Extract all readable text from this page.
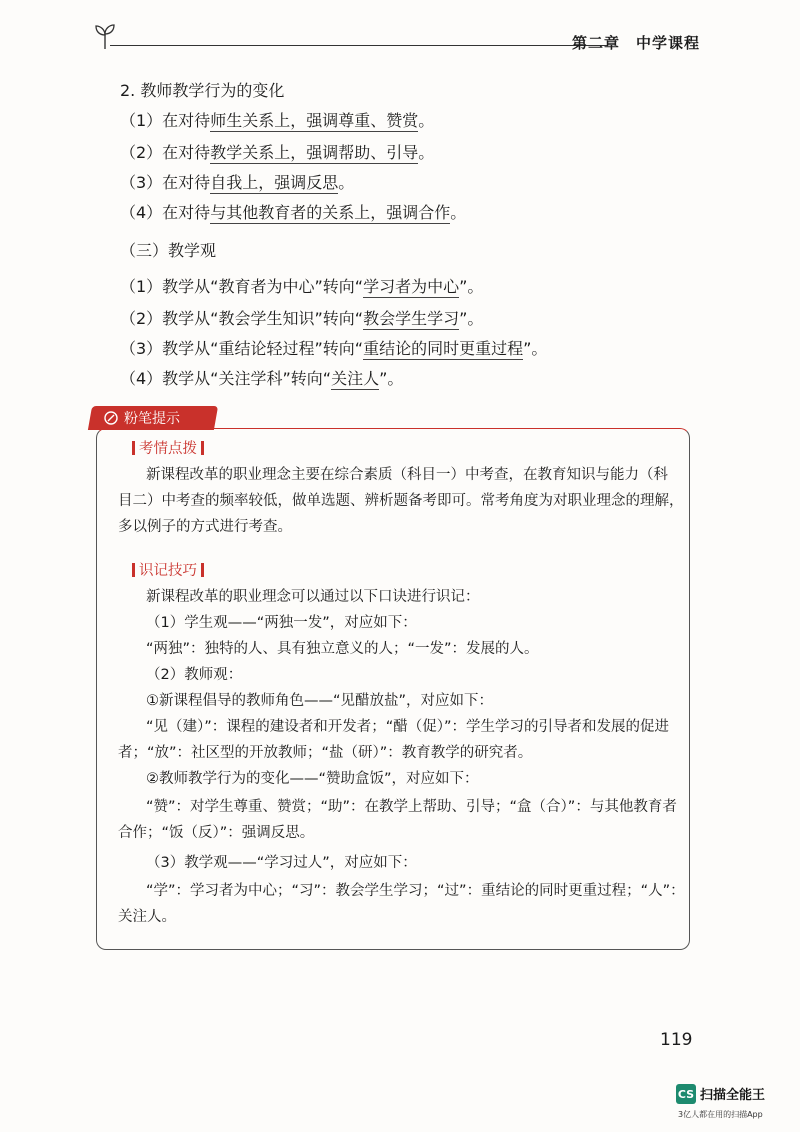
第二章　中学课程
2. 教师教学行为的变化
（1）在对待师生关系上，强调尊重、赞赏。
（2）在对待教学关系上，强调帮助、引导。
（3）在对待自我上，强调反思。
（4）在对待与其他教育者的关系上，强调合作。
（三）教学观
（1）教学从“教育者为中心”转向“学习者为中心”。
（2）教学从“教会学生知识”转向“教会学生学习”。
（3）教学从“重结论轻过程”转向“重结论的同时更重过程”。
（4）教学从“关注学科”转向“关注人”。
粉笔提示
考情点拨
新课程改革的职业理念主要在综合素质（科目一）中考查，在教育知识与能力（科
目二）中考查的频率较低，做单选题、辨析题备考即可。常考角度为对职业理念的理解，
多以例子的方式进行考查。
识记技巧
新课程改革的职业理念可以通过以下口诀进行识记：
（1）学生观——“两独一发”，对应如下：
“两独”：独特的人、具有独立意义的人；“一发”：发展的人。
（2）教师观：
①新课程倡导的教师角色——“见醋放盐”，对应如下：
“见（建）”：课程的建设者和开发者；“醋（促）”：学生学习的引导者和发展的促进
者；“放”：社区型的开放教师；“盐（研）”：教育教学的研究者。
②教师教学行为的变化——“赞助盒饭”，对应如下：
“赞”：对学生尊重、赞赏；“助”：在教学上帮助、引导；“盒（合）”：与其他教育者
合作；“饭（反）”：强调反思。
（3）教学观——“学习过人”，对应如下：
“学”：学习者为中心；“习”：教会学生学习；“过”：重结论的同时更重过程；“人”：
关注人。
119
CS 扫描全能王
3亿人都在用的扫描App
